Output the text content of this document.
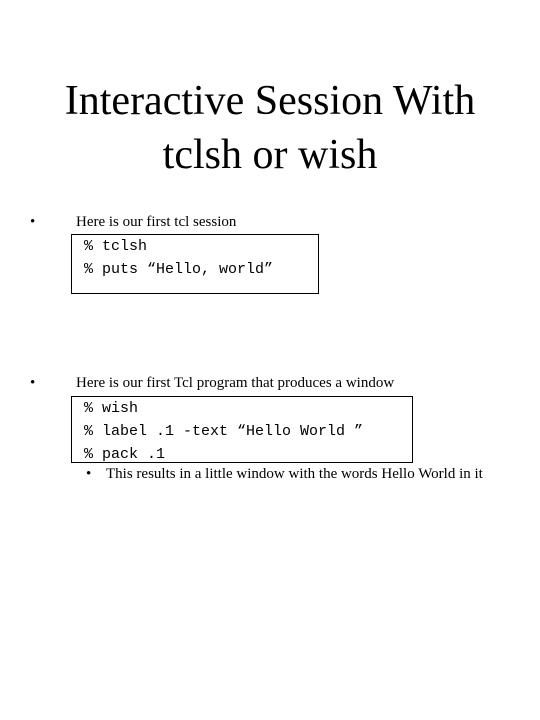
Interactive Session With
tclsh or wish
•	Here is our first tcl session
% tclsh
% puts “Hello, world”
•	Here is our first Tcl program that produces a window
% wish
% label .1 -text “Hello World ”
% pack .1
• This results in a little window with the words Hello World in it
